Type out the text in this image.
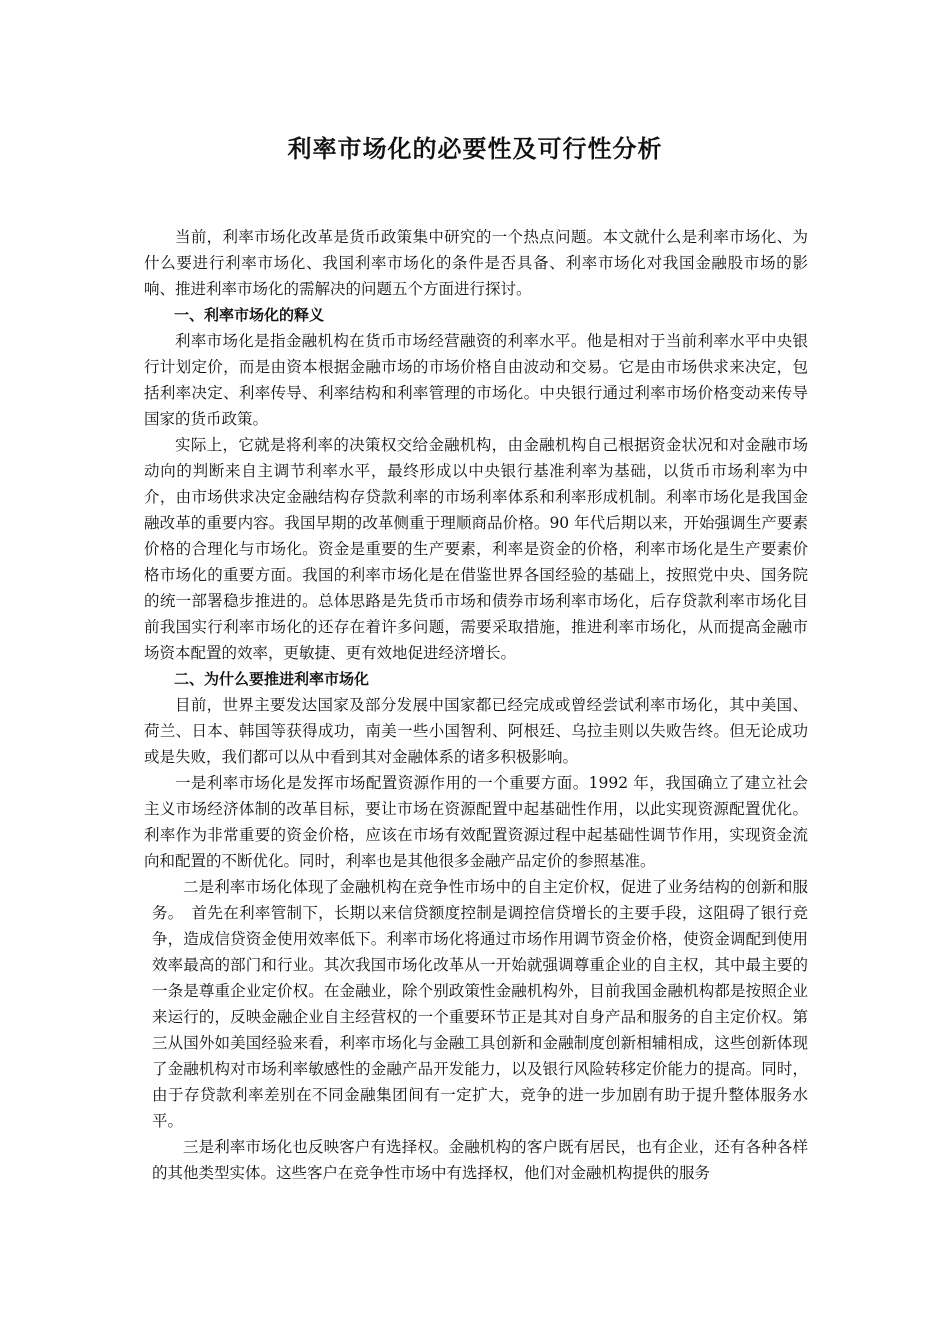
利率市场化的必要性及可行性分析

当前，利率市场化改革是货币政策集中研究的一个热点问题。本文就什么是利率市场化、为什么要进行利率市场化、我国利率市场化的条件是否具备、利率市场化对我国金融股市场的影响、推进利率市场化的需解决的问题五个方面进行探讨。

一、利率市场化的释义

利率市场化是指金融机构在货币市场经营融资的利率水平。他是相对于当前利率水平中央银行计划定价，而是由资本根据金融市场的市场价格自由波动和交易。它是由市场供求来决定，包括利率决定、利率传导、利率结构和利率管理的市场化。中央银行通过利率市场价格变动来传导国家的货币政策。

实际上，它就是将利率的决策权交给金融机构，由金融机构自己根据资金状况和对金融市场动向的判断来自主调节利率水平，最终形成以中央银行基准利率为基础，以货币市场利率为中介，由市场供求决定金融结构存贷款利率的市场利率体系和利率形成机制。利率市场化是我国金融改革的重要内容。我国早期的改革侧重于理顺商品价格。90 年代后期以来，开始强调生产要素价格的合理化与市场化。资金是重要的生产要素，利率是资金的价格，利率市场化是生产要素价格市场化的重要方面。我国的利率市场化是在借鉴世界各国经验的基础上，按照党中央、国务院的统一部署稳步推进的。总体思路是先货币市场和债券市场利率市场化，后存贷款利率市场化目前我国实行利率市场化的还存在着许多问题，需要采取措施，推进利率市场化，从而提高金融市场资本配置的效率，更敏捷、更有效地促进经济增长。

二、为什么要推进利率市场化

目前，世界主要发达国家及部分发展中国家都已经完成或曾经尝试利率市场化，其中美国、荷兰、日本、韩国等获得成功，南美一些小国智利、阿根廷、乌拉圭则以失败告终。但无论成功或是失败，我们都可以从中看到其对金融体系的诸多积极影响。

一是利率市场化是发挥市场配置资源作用的一个重要方面。1992 年，我国确立了建立社会主义市场经济体制的改革目标，要让市场在资源配置中起基础性作用，以此实现资源配置优化。利率作为非常重要的资金价格，应该在市场有效配置资源过程中起基础性调节作用，实现资金流向和配置的不断优化。同时，利率也是其他很多金融产品定价的参照基准。

二是利率市场化体现了金融机构在竞争性市场中的自主定价权，促进了业务结构的创新和服务。　首先在利率管制下，长期以来信贷额度控制是调控信贷增长的主要手段，这阻碍了银行竞争，造成信贷资金使用效率低下。利率市场化将通过市场作用调节资金价格，使资金调配到使用效率最高的部门和行业。其次我国市场化改革从一开始就强调尊重企业的自主权，其中最主要的一条是尊重企业定价权。在金融业，除个别政策性金融机构外，目前我国金融机构都是按照企业来运行的，反映金融企业自主经营权的一个重要环节正是其对自身产品和服务的自主定价权。第三从国外如美国经验来看，利率市场化与金融工具创新和金融制度创新相辅相成，这些创新体现了金融机构对市场利率敏感性的金融产品开发能力，以及银行风险转移定价能力的提高。同时，由于存贷款利率差别在不同金融集团间有一定扩大，竞争的进一步加剧有助于提升整体服务水平。

三是利率市场化也反映客户有选择权。金融机构的客户既有居民，也有企业，还有各种各样的其他类型实体。这些客户在竞争性市场中有选择权，他们对金融机构提供的服务
